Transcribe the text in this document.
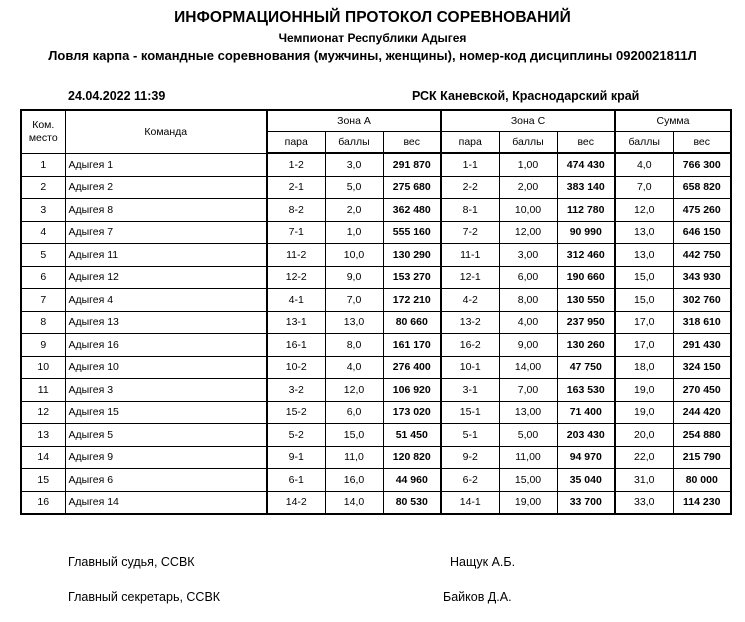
ИНФОРМАЦИОННЫЙ ПРОТОКОЛ СОРЕВНОВАНИЙ
Чемпионат Республики Адыгея
Ловля карпа - командные соревнования (мужчины, женщины), номер-код дисциплины 0920021811Л
24.04.2022 11:39	РСК Каневской, Краснодарский край
Ком. место	Команда	Зона А			Зона С			Сумма	
		пара	баллы	вес	пара	баллы	вес	баллы	вес
1	Адыгея 1	1-2	3,0	291 870	1-1	1,00	474 430	4,0	766 300
2	Адыгея 2	2-1	5,0	275 680	2-2	2,00	383 140	7,0	658 820
3	Адыгея 8	8-2	2,0	362 480	8-1	10,00	112 780	12,0	475 260
4	Адыгея 7	7-1	1,0	555 160	7-2	12,00	90 990	13,0	646 150
5	Адыгея 11	11-2	10,0	130 290	11-1	3,00	312 460	13,0	442 750
6	Адыгея 12	12-2	9,0	153 270	12-1	6,00	190 660	15,0	343 930
7	Адыгея 4	4-1	7,0	172 210	4-2	8,00	130 550	15,0	302 760
8	Адыгея 13	13-1	13,0	80 660	13-2	4,00	237 950	17,0	318 610
9	Адыгея 16	16-1	8,0	161 170	16-2	9,00	130 260	17,0	291 430
10	Адыгея 10	10-2	4,0	276 400	10-1	14,00	47 750	18,0	324 150
11	Адыгея 3	3-2	12,0	106 920	3-1	7,00	163 530	19,0	270 450
12	Адыгея 15	15-2	6,0	173 020	15-1	13,00	71 400	19,0	244 420
13	Адыгея 5	5-2	15,0	51 450	5-1	5,00	203 430	20,0	254 880
14	Адыгея 9	9-1	11,0	120 820	9-2	11,00	94 970	22,0	215 790
15	Адыгея 6	6-1	16,0	44 960	6-2	15,00	35 040	31,0	80 000
16	Адыгея 14	14-2	14,0	80 530	14-1	19,00	33 700	33,0	114 230
Главный судья, ССВК	Нащук А.Б.
Главный секретарь, ССВК	Байков Д.А.
